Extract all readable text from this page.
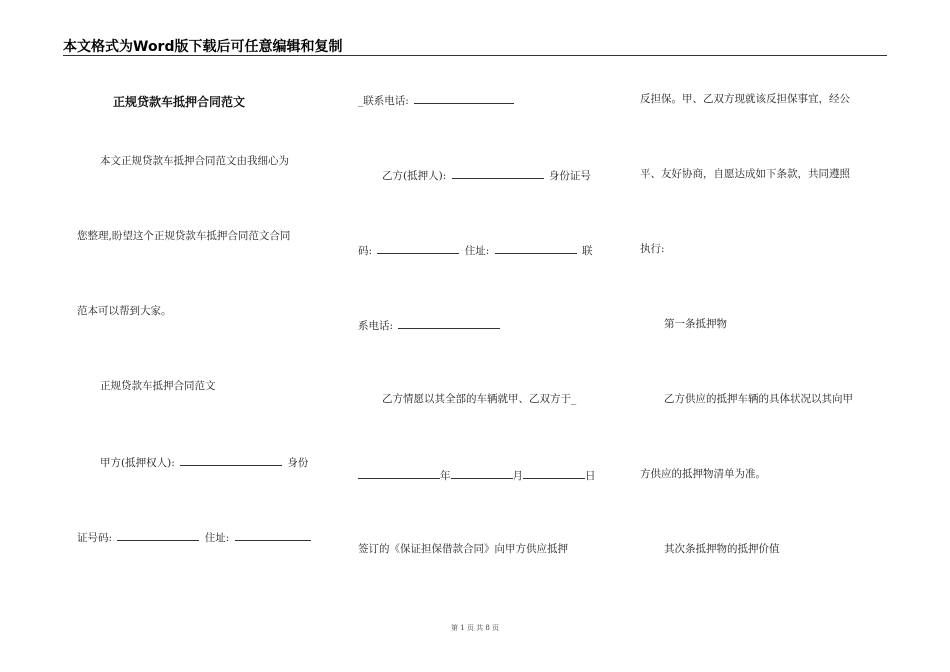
本文格式为Word版下载后可任意编辑和复制
正规贷款车抵押合同范文
本文正规贷款车抵押合同范文由我细心为
您整理,盼望这个正规贷款车抵押合同范文合同
范本可以帮到大家。
正规贷款车抵押合同范文
甲方(抵押权人):	身份
证号码:	住址:
_联系电话:
乙方(抵押人):	身份证号
码:	住址:	联
系电话:
乙方情愿以其全部的车辆就甲、乙双方于_
年	月	日
签订的《保证担保借款合同》向甲方供应抵押
反担保。甲、乙双方现就该反担保事宜，经公
平、友好协商，自愿达成如下条款，共同遵照
执行:
第一条抵押物
乙方供应的抵押车辆的具体状况以其向甲
方供应的抵押物清单为准。
其次条抵押物的抵押价值
第 1 页 共 8 页
